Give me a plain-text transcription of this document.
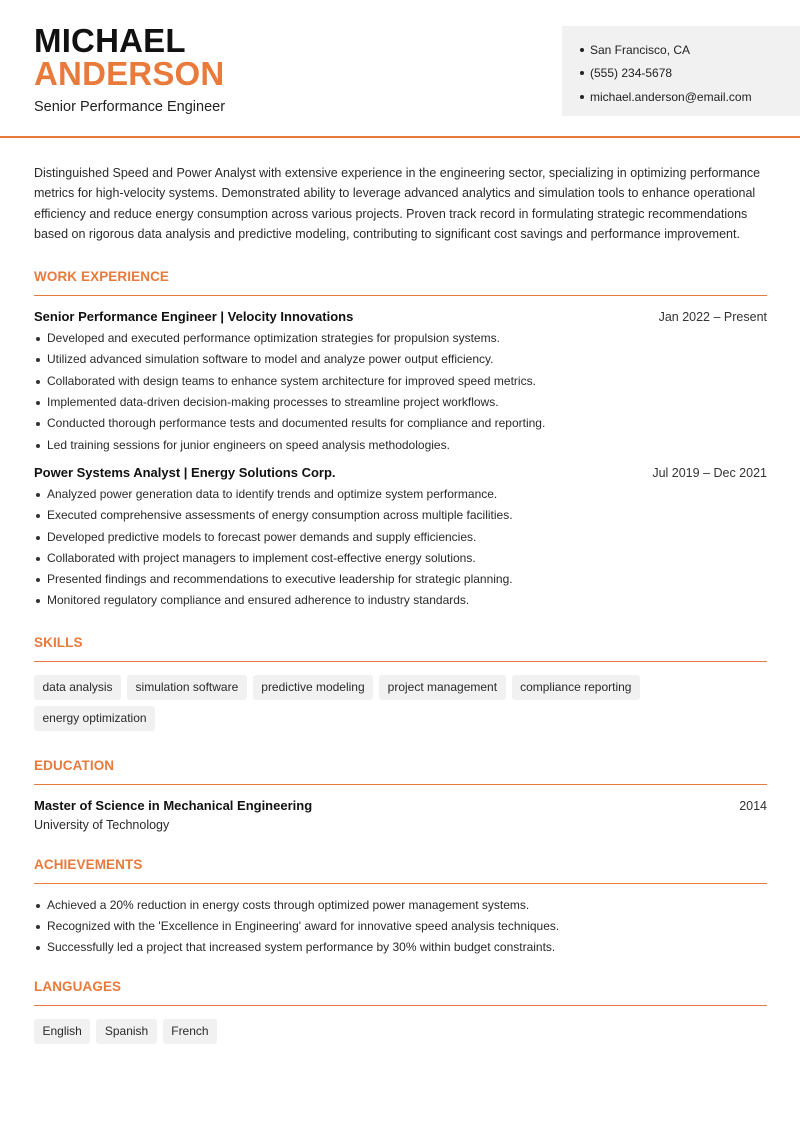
MICHAEL
ANDERSON
Senior Performance Engineer
San Francisco, CA
(555) 234-5678
michael.anderson@email.com

Distinguished Speed and Power Analyst with extensive experience in the engineering sector, specializing in optimizing performance metrics for high-velocity systems. Demonstrated ability to leverage advanced analytics and simulation tools to enhance operational efficiency and reduce energy consumption across various projects. Proven track record in formulating strategic recommendations based on rigorous data analysis and predictive modeling, contributing to significant cost savings and performance improvement.

WORK EXPERIENCE
Senior Performance Engineer | Velocity Innovations	Jan 2022 – Present
Developed and executed performance optimization strategies for propulsion systems.
Utilized advanced simulation software to model and analyze power output efficiency.
Collaborated with design teams to enhance system architecture for improved speed metrics.
Implemented data-driven decision-making processes to streamline project workflows.
Conducted thorough performance tests and documented results for compliance and reporting.
Led training sessions for junior engineers on speed analysis methodologies.
Power Systems Analyst | Energy Solutions Corp.	Jul 2019 – Dec 2021
Analyzed power generation data to identify trends and optimize system performance.
Executed comprehensive assessments of energy consumption across multiple facilities.
Developed predictive models to forecast power demands and supply efficiencies.
Collaborated with project managers to implement cost-effective energy solutions.
Presented findings and recommendations to executive leadership for strategic planning.
Monitored regulatory compliance and ensured adherence to industry standards.
SKILLS
data analysis	simulation software	predictive modeling	project management	compliance reporting
energy optimization
EDUCATION
Master of Science in Mechanical Engineering	2014
University of Technology
ACHIEVEMENTS
Achieved a 20% reduction in energy costs through optimized power management systems.
Recognized with the 'Excellence in Engineering' award for innovative speed analysis techniques.
Successfully led a project that increased system performance by 30% within budget constraints.
LANGUAGES
English	Spanish	French
